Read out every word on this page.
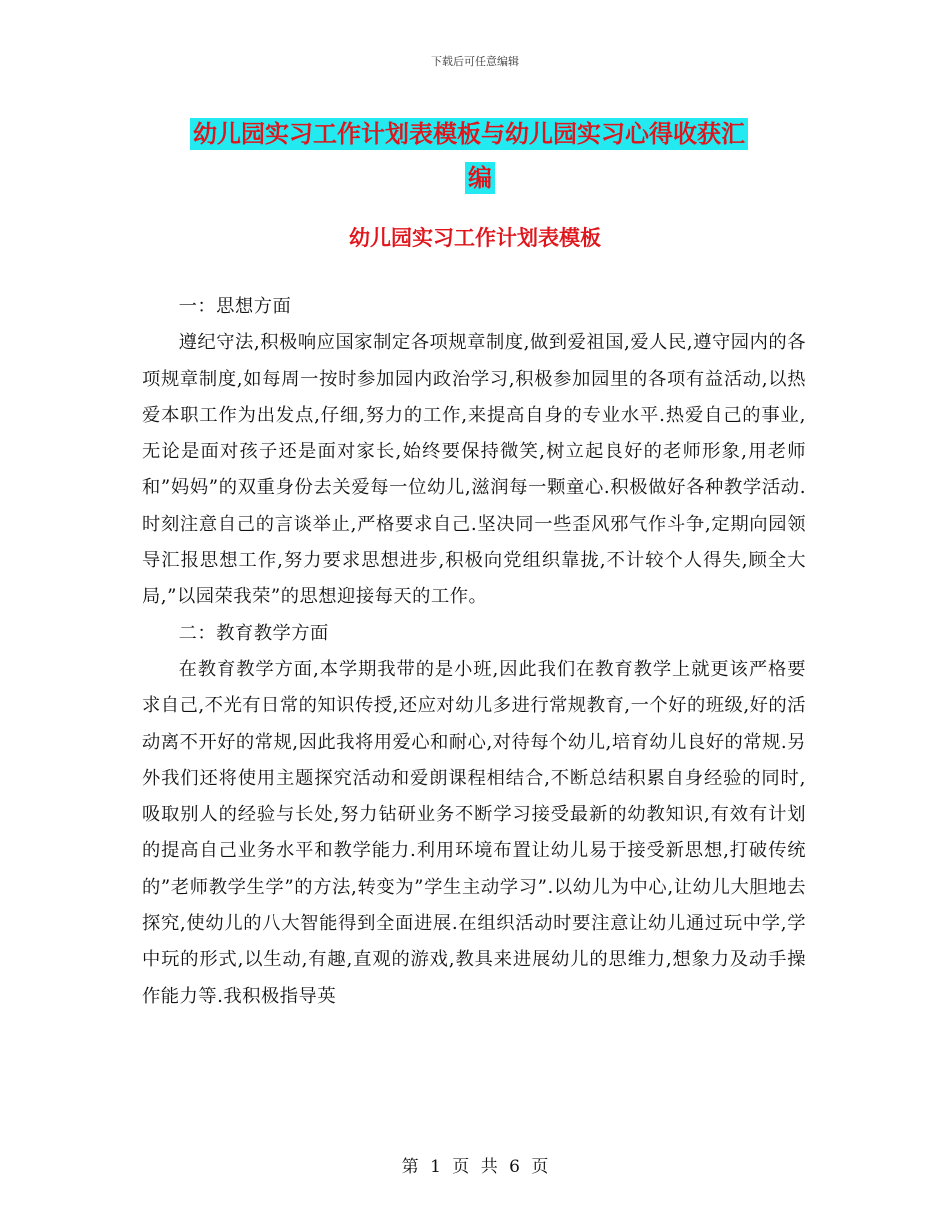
下载后可任意编辑
幼儿园实习工作计划表模板与幼儿园实习心得收获汇
编
幼儿园实习工作计划表模板

一：思想方面

遵纪守法,积极响应国家制定各项规章制度,做到爱祖国,爱人民,遵守园内的各项规章制度,如每周一按时参加园内政治学习,积极参加园里的各项有益活动,以热爱本职工作为出发点,仔细,努力的工作,来提高自身的专业水平.热爱自己的事业,无论是面对孩子还是面对家长,始终要保持微笑,树立起良好的老师形象,用老师和”妈妈”的双重身份去关爱每一位幼儿,滋润每一颗童心.积极做好各种教学活动.时刻注意自己的言谈举止,严格要求自己.坚决同一些歪风邪气作斗争,定期向园领导汇报思想工作,努力要求思想进步,积极向党组织靠拢,不计较个人得失,顾全大局,”以园荣我荣”的思想迎接每天的工作。

二：教育教学方面

在教育教学方面,本学期我带的是小班,因此我们在教育教学上就更该严格要求自己,不光有日常的知识传授,还应对幼儿多进行常规教育,一个好的班级,好的活动离不开好的常规,因此我将用爱心和耐心,对待每个幼儿,培育幼儿良好的常规.另外我们还将使用主题探究活动和爱朗课程相结合,不断总结积累自身经验的同时,吸取别人的经验与长处,努力钻研业务不断学习接受最新的幼教知识,有效有计划的提高自己业务水平和教学能力.利用环境布置让幼儿易于接受新思想,打破传统的”老师教学生学”的方法,转变为”学生主动学习”.以幼儿为中心,让幼儿大胆地去探究,使幼儿的八大智能得到全面进展.在组织活动时要注意让幼儿通过玩中学,学中玩的形式,以生动,有趣,直观的游戏,教具来进展幼儿的思维力,想象力及动手操作能力等.我积极指导英

第 1 页 共 6 页
